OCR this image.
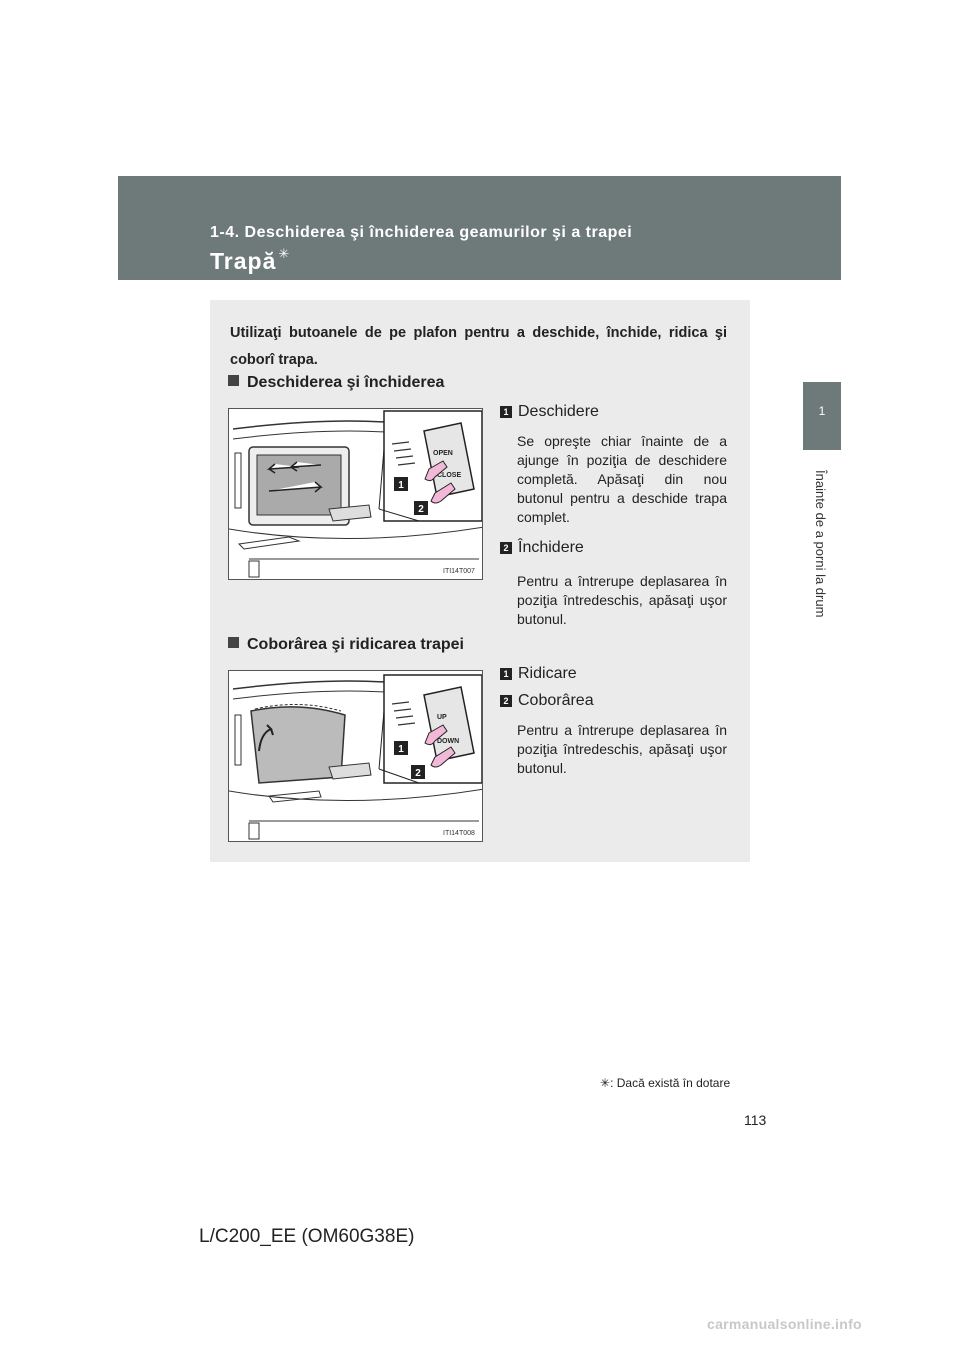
1-4. Deschiderea şi închiderea geamurilor şi a trapei
Trapă ✳
1
Înainte de a porni la drum
Utilizaţi butoanele de pe plafon pentru a deschide, închide, ridica şi coborî trapa.
Deschiderea şi închiderea
OPEN
CLOSE
1
2
ITI14T007
1 Deschidere
Se opreşte chiar înainte de a ajunge în poziţia de deschidere completă. Apăsaţi din nou butonul pentru a deschide trapa complet.
2 Închidere
Pentru a întrerupe deplasarea în poziţia întredeschis, apăsaţi uşor butonul.
Coborârea şi ridicarea trapei
UP
DOWN
1
2
ITI14T008
1 Ridicare
2 Coborârea
Pentru a întrerupe deplasarea în poziţia întredeschis, apăsaţi uşor butonul.
✳: Dacă există în dotare
113
L/C200_EE (OM60G38E)
carmanualsonline.info
